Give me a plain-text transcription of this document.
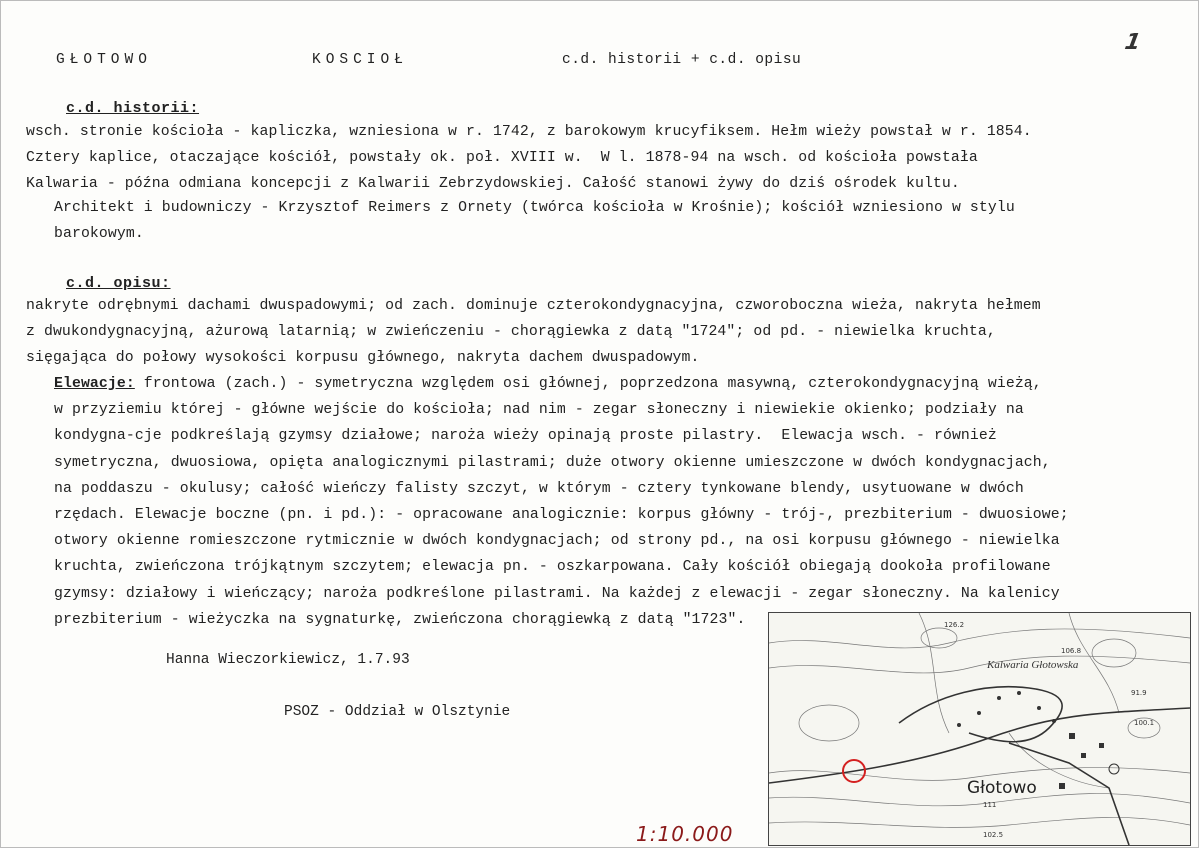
GŁOTOWO	KOSCIOŁ	c.d. historii + c.d. opisu
1
c.d. historii:
wsch. stronie kościoła - kapliczka, wzniesiona w r. 1742, z barokowym krucyfiksem. Hełm wieży powstał w r. 1854.
Cztery kaplice, otaczające kościół, powstały ok. poł. XVIII w.  W l. 1878-94 na wsch. od kościoła powstała
Kalwaria - późna odmiana koncepcji z Kalwarii Zebrzydowskiej. Całość stanowi żywy do dziś ośrodek kultu.
Architekt i budowniczy - Krzysztof Reimers z Ornety (twórca kościoła w Krośnie); kościół wzniesiono w stylu
barokowym.
c.d. opisu:
nakryte odrębnymi dachami dwuspadowymi; od zach. dominuje czterokondygnacyjna, czworoboczna wieża, nakryta hełmem
z dwukondygnacyjną, ażurową latarnią; w zwieńczeniu - chorągiewka z datą "1724"; od pd. - niewielka kruchta,
sięgająca do połowy wysokości korpusu głównego, nakryta dachem dwuspadowym.
Elewacje: frontowa (zach.) - symetryczna względem osi głównej, poprzedzona masywną, czterokondygnacyjną wieżą,
w przyziemiu której - główne wejście do kościoła; nad nim - zegar słoneczny i niewiekie okienko; podziały na
kondygna-cje podkreślają gzymsy działowe; naroża wieży opinają proste pilastry.  Elewacja wsch. - również
symetryczna, dwuosiowa, opięta analogicznymi pilastrami; duże otwory okienne umieszczone w dwóch kondygnacjach,
na poddaszu - okulusy; całość wieńczy falisty szczyt, w którym - cztery tynkowane blendy, usytuowane w dwóch
rzędach. Elewacje boczne (pn. i pd.): - opracowane analogicznie: korpus główny - trój-, prezbiterium - dwuosiowe;
otwory okienne romieszczone rytmicznie w dwóch kondygnacjach; od strony pd., na osi korpusu głównego - niewielka
kruchta, zwieńczona trójkątnym szczytem; elewacja pn. - oszkarpowana. Cały kościół obiegają dookoła profilowane
gzymsy: działowy i wieńczący; naroża podkreślone pilastrami. Na każdej z elewacji - zegar słoneczny. Na kalenicy
prezbiterium - wieżyczka na sygnaturkę, zwieńczona chorągiewką z datą "1723".
Hanna Wieczorkiewicz, 1.7.93
PSOZ - Oddział w Olsztynie
Kalwaria Głotowska
Głotowo
126.2
106.8
91.9
100.1
111
102.5
1:10.000
